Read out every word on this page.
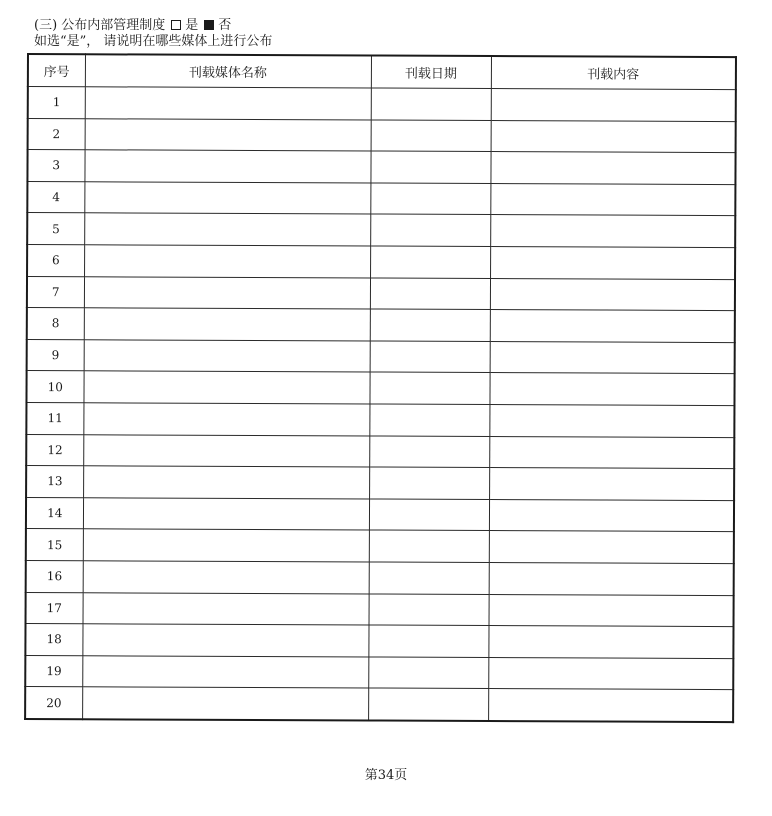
(三) 公布内部管理制度 是 否
如选“是”， 请说明在哪些媒体上进行公布
序号	刊载媒体名称	刊载日期	刊载内容
1			
2			
3			
4			
5			
6			
7			
8			
9			
10			
11			
12			
13			
14			
15			
16			
17			
18			
19			
20			
第34页
